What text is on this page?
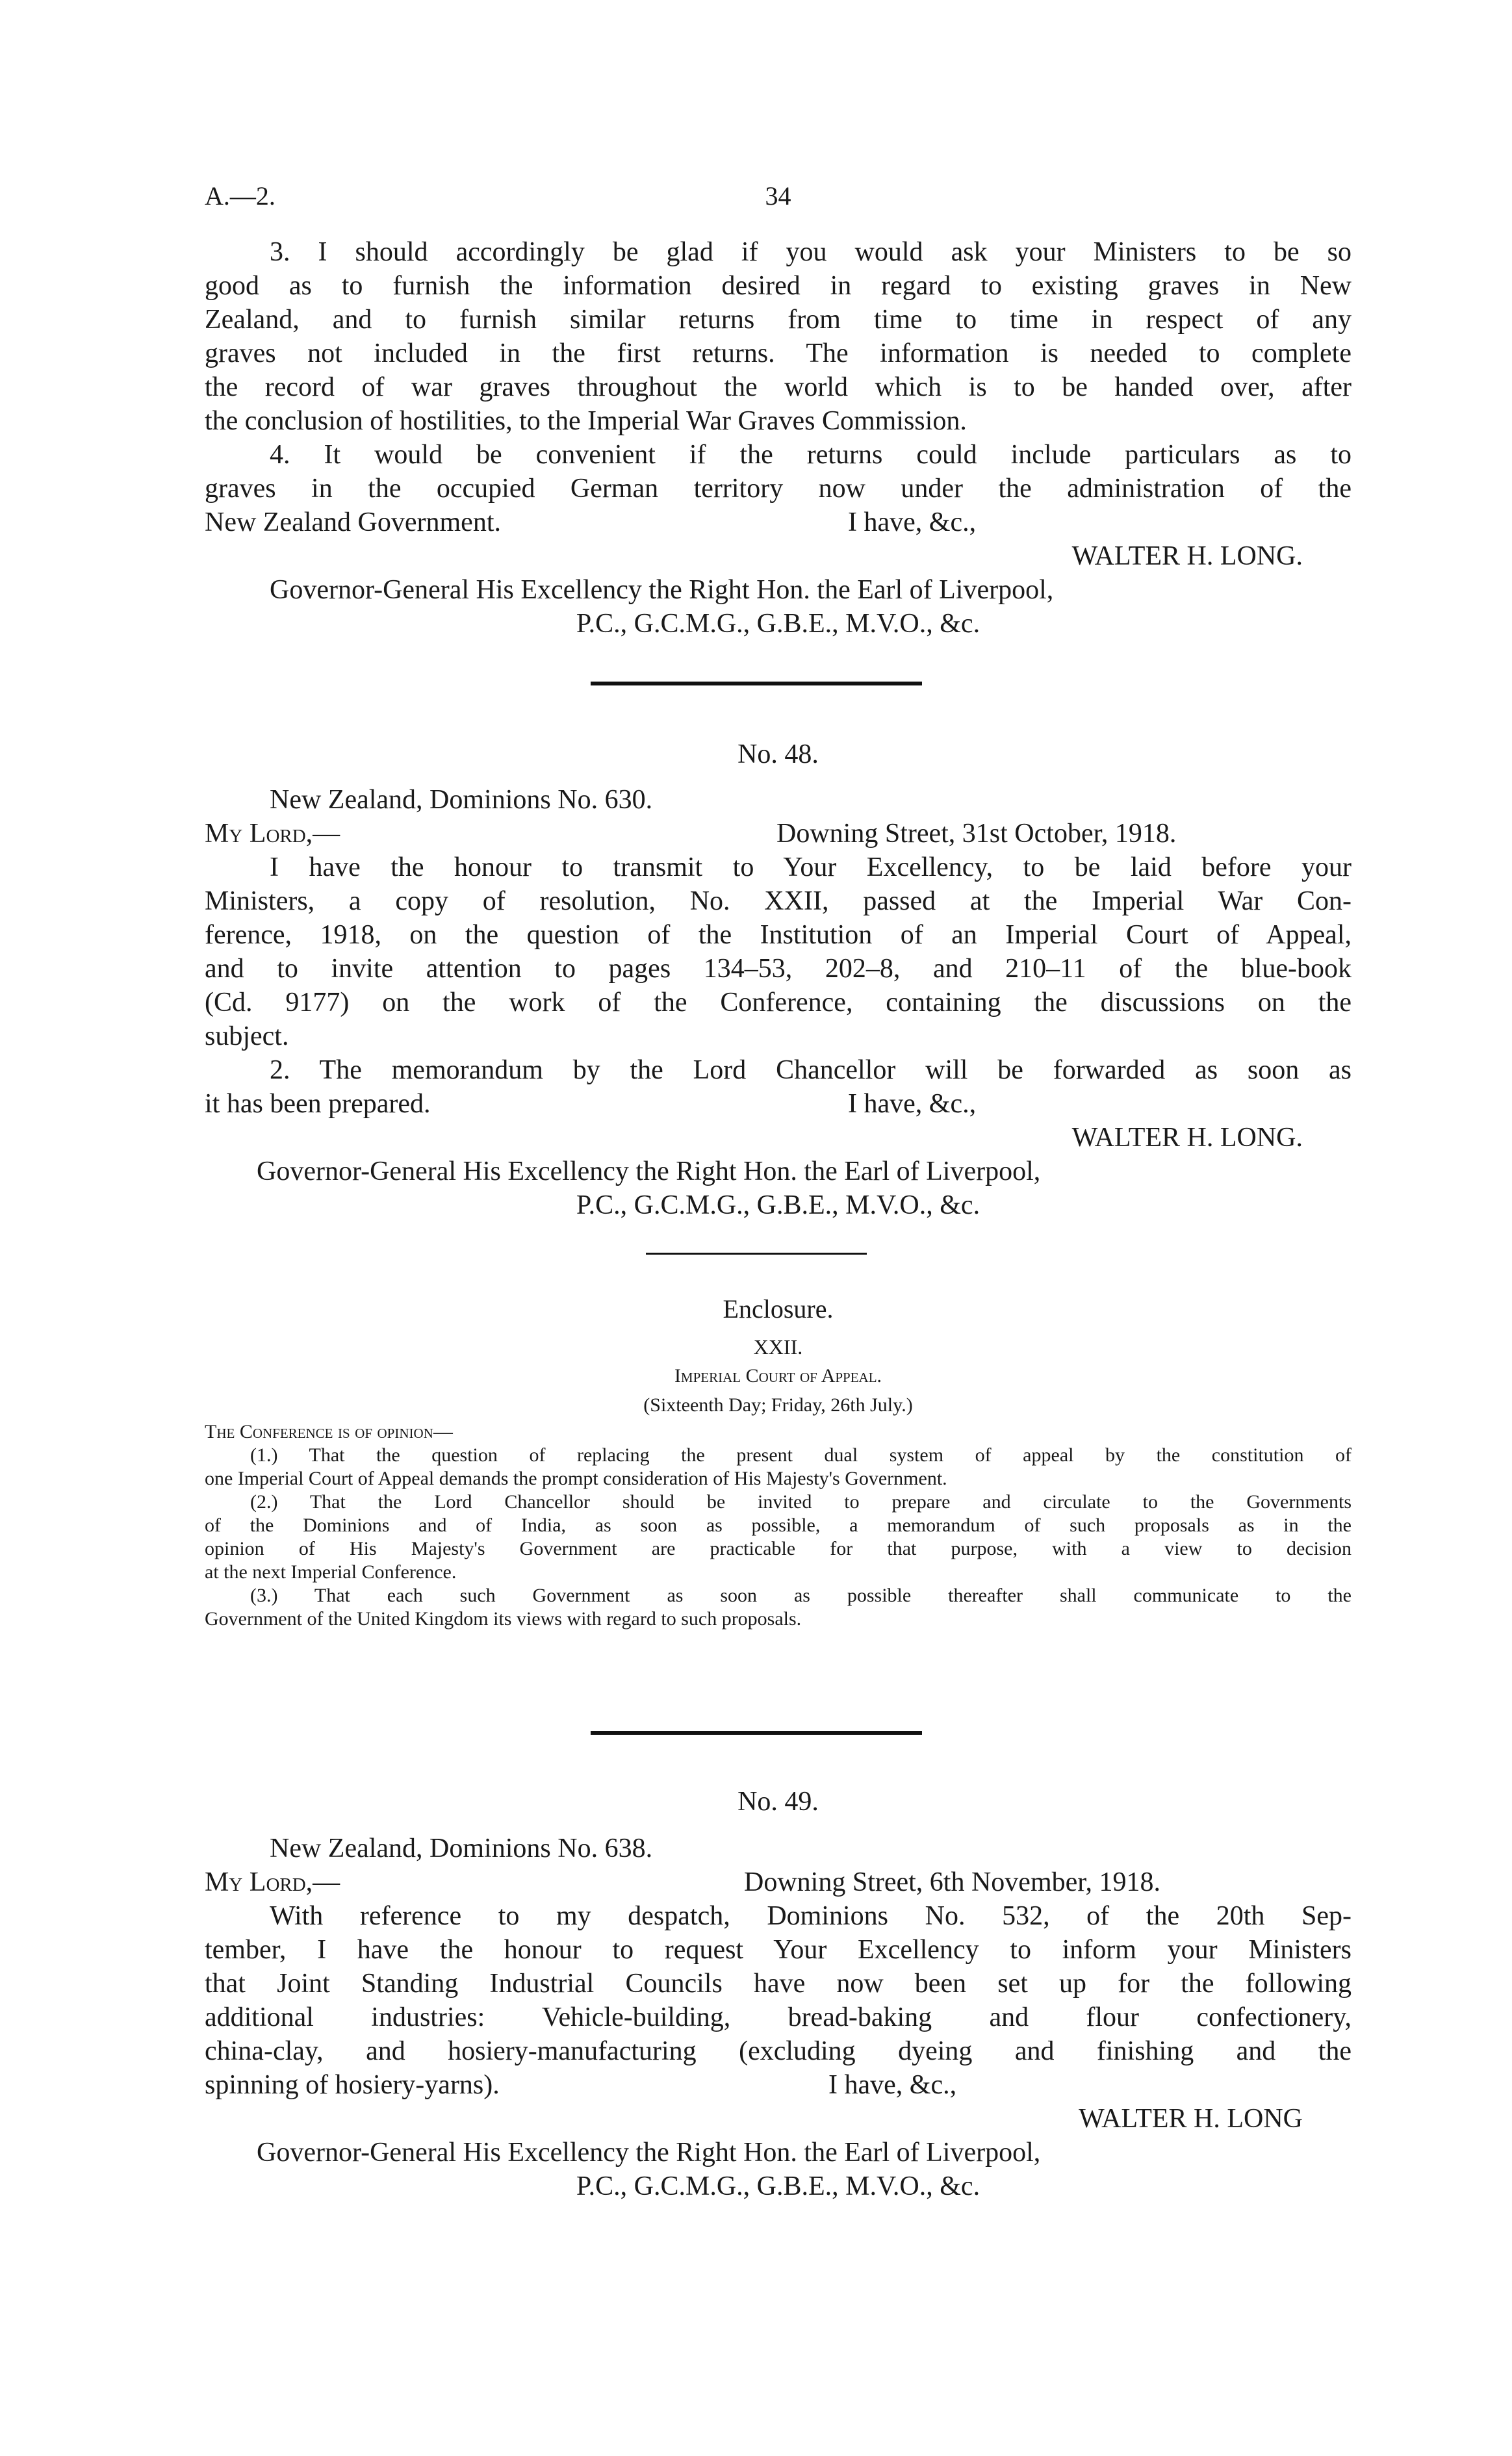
A.—2.	34
3. I should accordingly be glad if you would ask your Ministers to be so
good as to furnish the information desired in regard to existing graves in New
Zealand, and to furnish similar returns from time to time in respect of any
graves not included in the first returns. The information is needed to complete
the record of war graves throughout the world which is to be handed over, after
the conclusion of hostilities, to the Imperial War Graves Commission.
4. It would be convenient if the returns could include particulars as to
graves in the occupied German territory now under the administration of the
New Zealand Government.	I have, &c.,
WALTER H. LONG.
Governor-General His Excellency the Right Hon. the Earl of Liverpool,
P.C., G.C.M.G., G.B.E., M.V.O., &c.
No. 48.
New Zealand, Dominions No. 630.
My Lord,—	Downing Street, 31st October, 1918.
I have the honour to transmit to Your Excellency, to be laid before your
Ministers, a copy of resolution, No. XXII, passed at the Imperial War Con-
ference, 1918, on the question of the Institution of an Imperial Court of Appeal,
and to invite attention to pages 134–53, 202–8, and 210–11 of the blue-book
(Cd. 9177) on the work of the Conference, containing the discussions on the
subject.
2. The memorandum by the Lord Chancellor will be forwarded as soon as
it has been prepared.	I have, &c.,
WALTER H. LONG.
Governor-General His Excellency the Right Hon. the Earl of Liverpool,
P.C., G.C.M.G., G.B.E., M.V.O., &c.
Enclosure.
XXII.
Imperial Court of Appeal.
(Sixteenth Day; Friday, 26th July.)
The Conference is of opinion—
(1.) That the question of replacing the present dual system of appeal by the constitution of
one Imperial Court of Appeal demands the prompt consideration of His Majesty's Government.
(2.) That the Lord Chancellor should be invited to prepare and circulate to the Governments
of the Dominions and of India, as soon as possible, a memorandum of such proposals as in the
opinion of His Majesty's Government are practicable for that purpose, with a view to decision
at the next Imperial Conference.
(3.) That each such Government as soon as possible thereafter shall communicate to the
Government of the United Kingdom its views with regard to such proposals.
No. 49.
New Zealand, Dominions No. 638.
My Lord,—	Downing Street, 6th November, 1918.
With reference to my despatch, Dominions No. 532, of the 20th Sep-
tember, I have the honour to request Your Excellency to inform your Ministers
that Joint Standing Industrial Councils have now been set up for the following
additional industries: Vehicle-building, bread-baking and flour confectionery,
china-clay, and hosiery-manufacturing (excluding dyeing and finishing and the
spinning of hosiery-yarns).	I have, &c.,
WALTER H. LONG
Governor-General His Excellency the Right Hon. the Earl of Liverpool,
P.C., G.C.M.G., G.B.E., M.V.O., &c.
